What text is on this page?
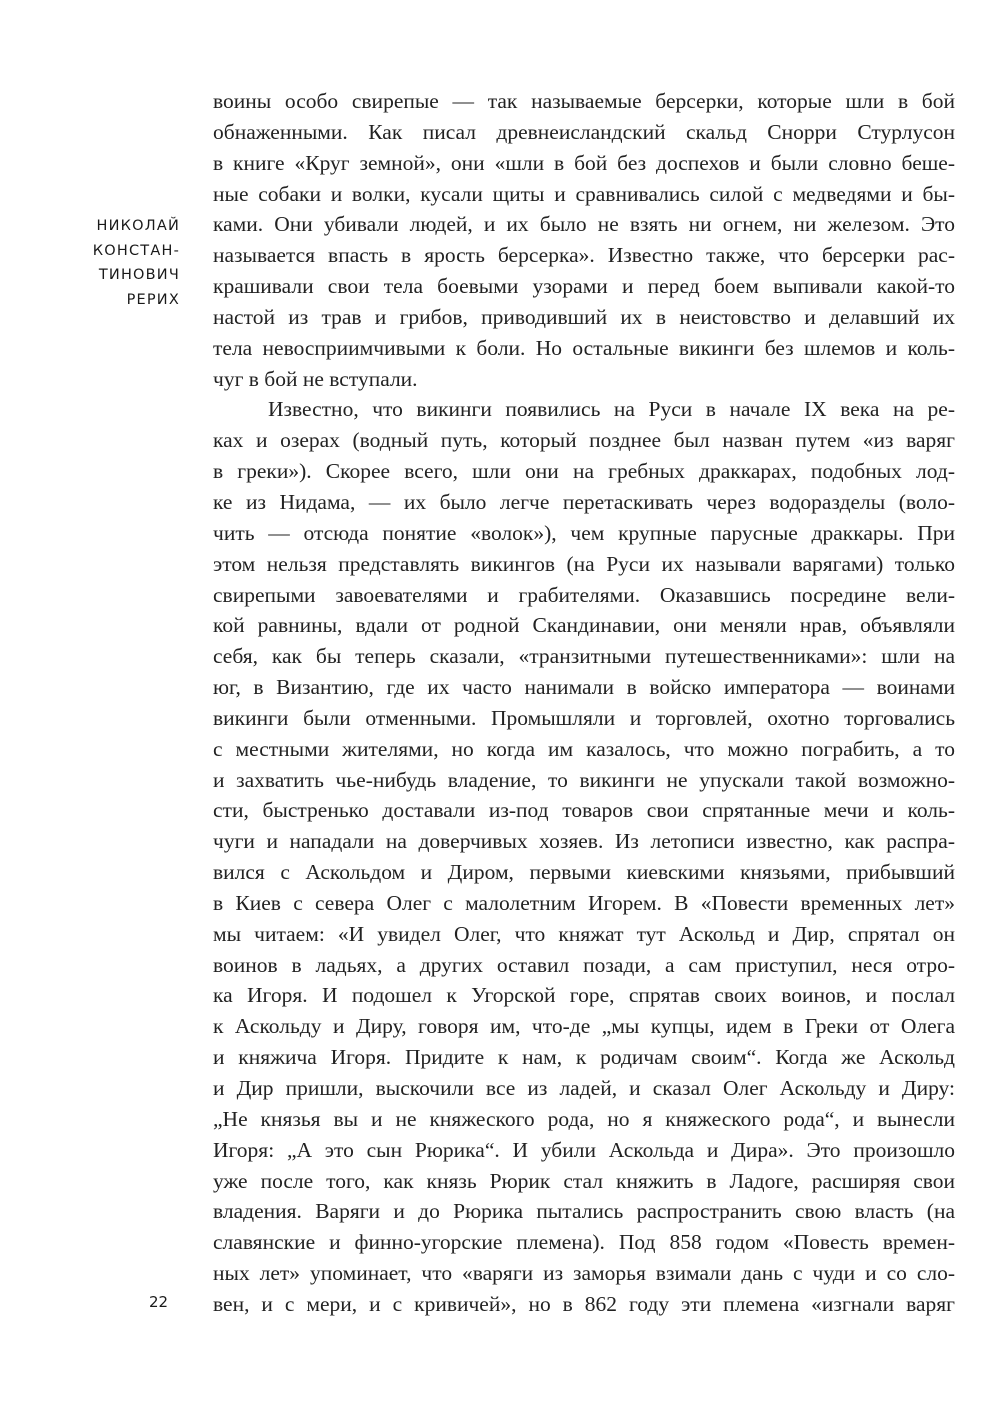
НИКОЛАЙ
КОНСТАН-
ТИНОВИЧ
РЕРИХ
воины особо свирепые — так называемые берсерки, которые шли в бой
обнаженными. Как писал древнеисландский скальд Снорри Стурлусон
в книге «Круг земной», они «шли в бой без доспехов и были словно беше-
ные собаки и волки, кусали щиты и сравнивались силой с медведями и бы-
ками. Они убивали людей, и их было не взять ни огнем, ни железом. Это
называется впасть в ярость берсерка». Известно также, что берсерки рас-
крашивали свои тела боевыми узорами и перед боем выпивали какой-то
настой из трав и грибов, приводивший их в неистовство и делавший их
тела невосприимчивыми к боли. Но остальные викинги без шлемов и коль-
чуг в бой не вступали.
Известно, что викинги появились на Руси в начале IX века на ре-
ках и озерах (водный путь, который позднее был назван путем «из варяг
в греки»). Скорее всего, шли они на гребных драккарах, подобных лод-
ке из Нидама, — их было легче перетаскивать через водоразделы (воло-
чить — отсюда понятие «волок»), чем крупные парусные драккары. При
этом нельзя представлять викингов (на Руси их называли варягами) только
свирепыми завоевателями и грабителями. Оказавшись посредине вели-
кой равнины, вдали от родной Скандинавии, они меняли нрав, объявляли
себя, как бы теперь сказали, «транзитными путешественниками»: шли на
юг, в Византию, где их часто нанимали в войско императора — воинами
викинги были отменными. Промышляли и торговлей, охотно торговались
с местными жителями, но когда им казалось, что можно пограбить, а то
и захватить чье-нибудь владение, то викинги не упускали такой возможно-
сти, быстренько доставали из-под товаров свои спрятанные мечи и коль-
чуги и нападали на доверчивых хозяев. Из летописи известно, как распра-
вился с Аскольдом и Диром, первыми киевскими князьями, прибывший
в Киев с севера Олег с малолетним Игорем. В «Повести временных лет»
мы читаем: «И увидел Олег, что княжат тут Аскольд и Дир, спрятал он
воинов в ладьях, а других оставил позади, а сам приступил, неся отро-
ка Игоря. И подошел к Угорской горе, спрятав своих воинов, и послал
к Аскольду и Диру, говоря им, что-де „мы купцы, идем в Греки от Олега
и княжича Игоря. Придите к нам, к родичам своим“. Когда же Аскольд
и Дир пришли, выскочили все из ладей, и сказал Олег Аскольду и Диру:
„Не князья вы и не княжеского рода, но я княжеского рода“, и вынесли
Игоря: „А это сын Рюрика“. И убили Аскольда и Дира». Это произошло
уже после того, как князь Рюрик стал княжить в Ладоге, расширяя свои
владения. Варяги и до Рюрика пытались распространить свою власть (на
славянские и финно-угорские племена). Под 858 годом «Повесть времен-
ных лет» упоминает, что «варяги из заморья взимали дань с чуди и со сло-
вен, и с мери, и с кривичей», но в 862 году эти племена «изгнали варяг
22
